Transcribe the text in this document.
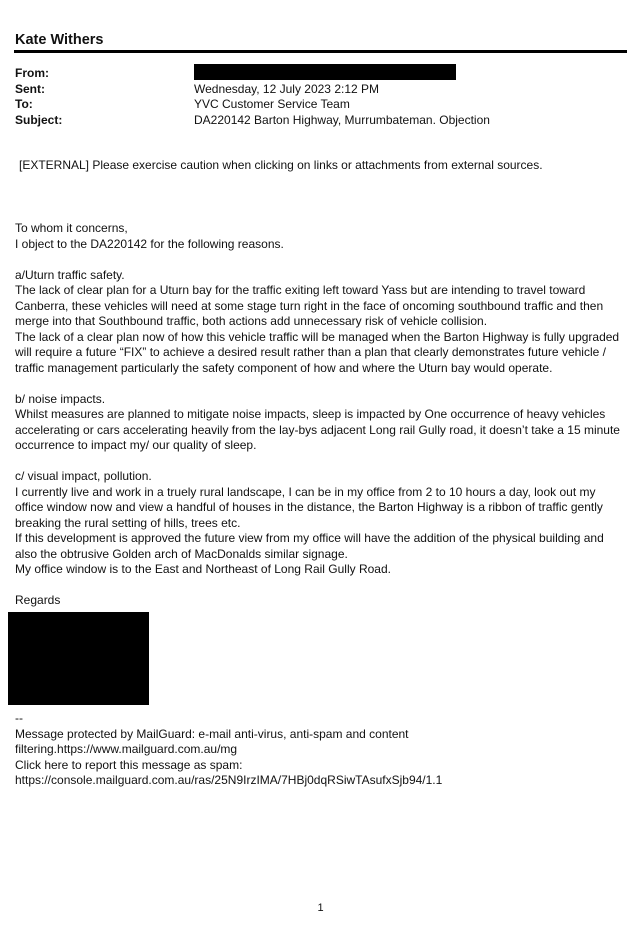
Kate Withers
From:
Sent:	Wednesday, 12 July 2023 2:12 PM
To:	YVC Customer Service Team
Subject:	DA220142 Barton Highway, Murrumbateman. Objection
[EXTERNAL] Please exercise caution when clicking on links or attachments from external sources.
To whom it concerns,

I object to the DA220142 for the following reasons.

a/Uturn traffic safety.
The lack of clear plan for a Uturn bay for the traffic exiting left toward Yass but are intending to travel toward Canberra, these vehicles will need at some stage turn right in the face of oncoming southbound traffic and then merge into that Southbound traffic, both actions add unnecessary risk of vehicle collision.

The lack of a clear plan now of how this vehicle traffic will be managed when the Barton Highway is fully upgraded will require a future “FIX” to achieve a desired result rather than a plan that clearly demonstrates future vehicle / traffic management particularly the safety component of how and where the Uturn bay would operate.

b/ noise impacts.

Whilst measures are planned to mitigate noise impacts, sleep is impacted by One occurrence of heavy vehicles accelerating or cars accelerating heavily from the lay-bys adjacent Long rail Gully road, it doesn’t take a 15 minute occurrence to impact my/ our quality of sleep.

c/ visual impact, pollution.
I currently live and work in a truely rural landscape, I can be in my office from 2 to 10 hours a day, look out my office window now and view a handful of houses in the distance, the Barton Highway is a ribbon of traffic gently breaking the rural setting of hills, trees etc.
If this development is approved the future view from my office will have the addition of the physical building and also the obtrusive Golden arch of MacDonalds similar signage.

My office window is to the East and Northeast of Long Rail Gully Road.

Regards
--
Message protected by MailGuard: e-mail anti-virus, anti-spam and content
filtering.https://www.mailguard.com.au/mg
Click here to report this message as spam:
https://console.mailguard.com.au/ras/25N9IrzIMA/7HBj0dqRSiwTAsufxSjb94/1.1
1
